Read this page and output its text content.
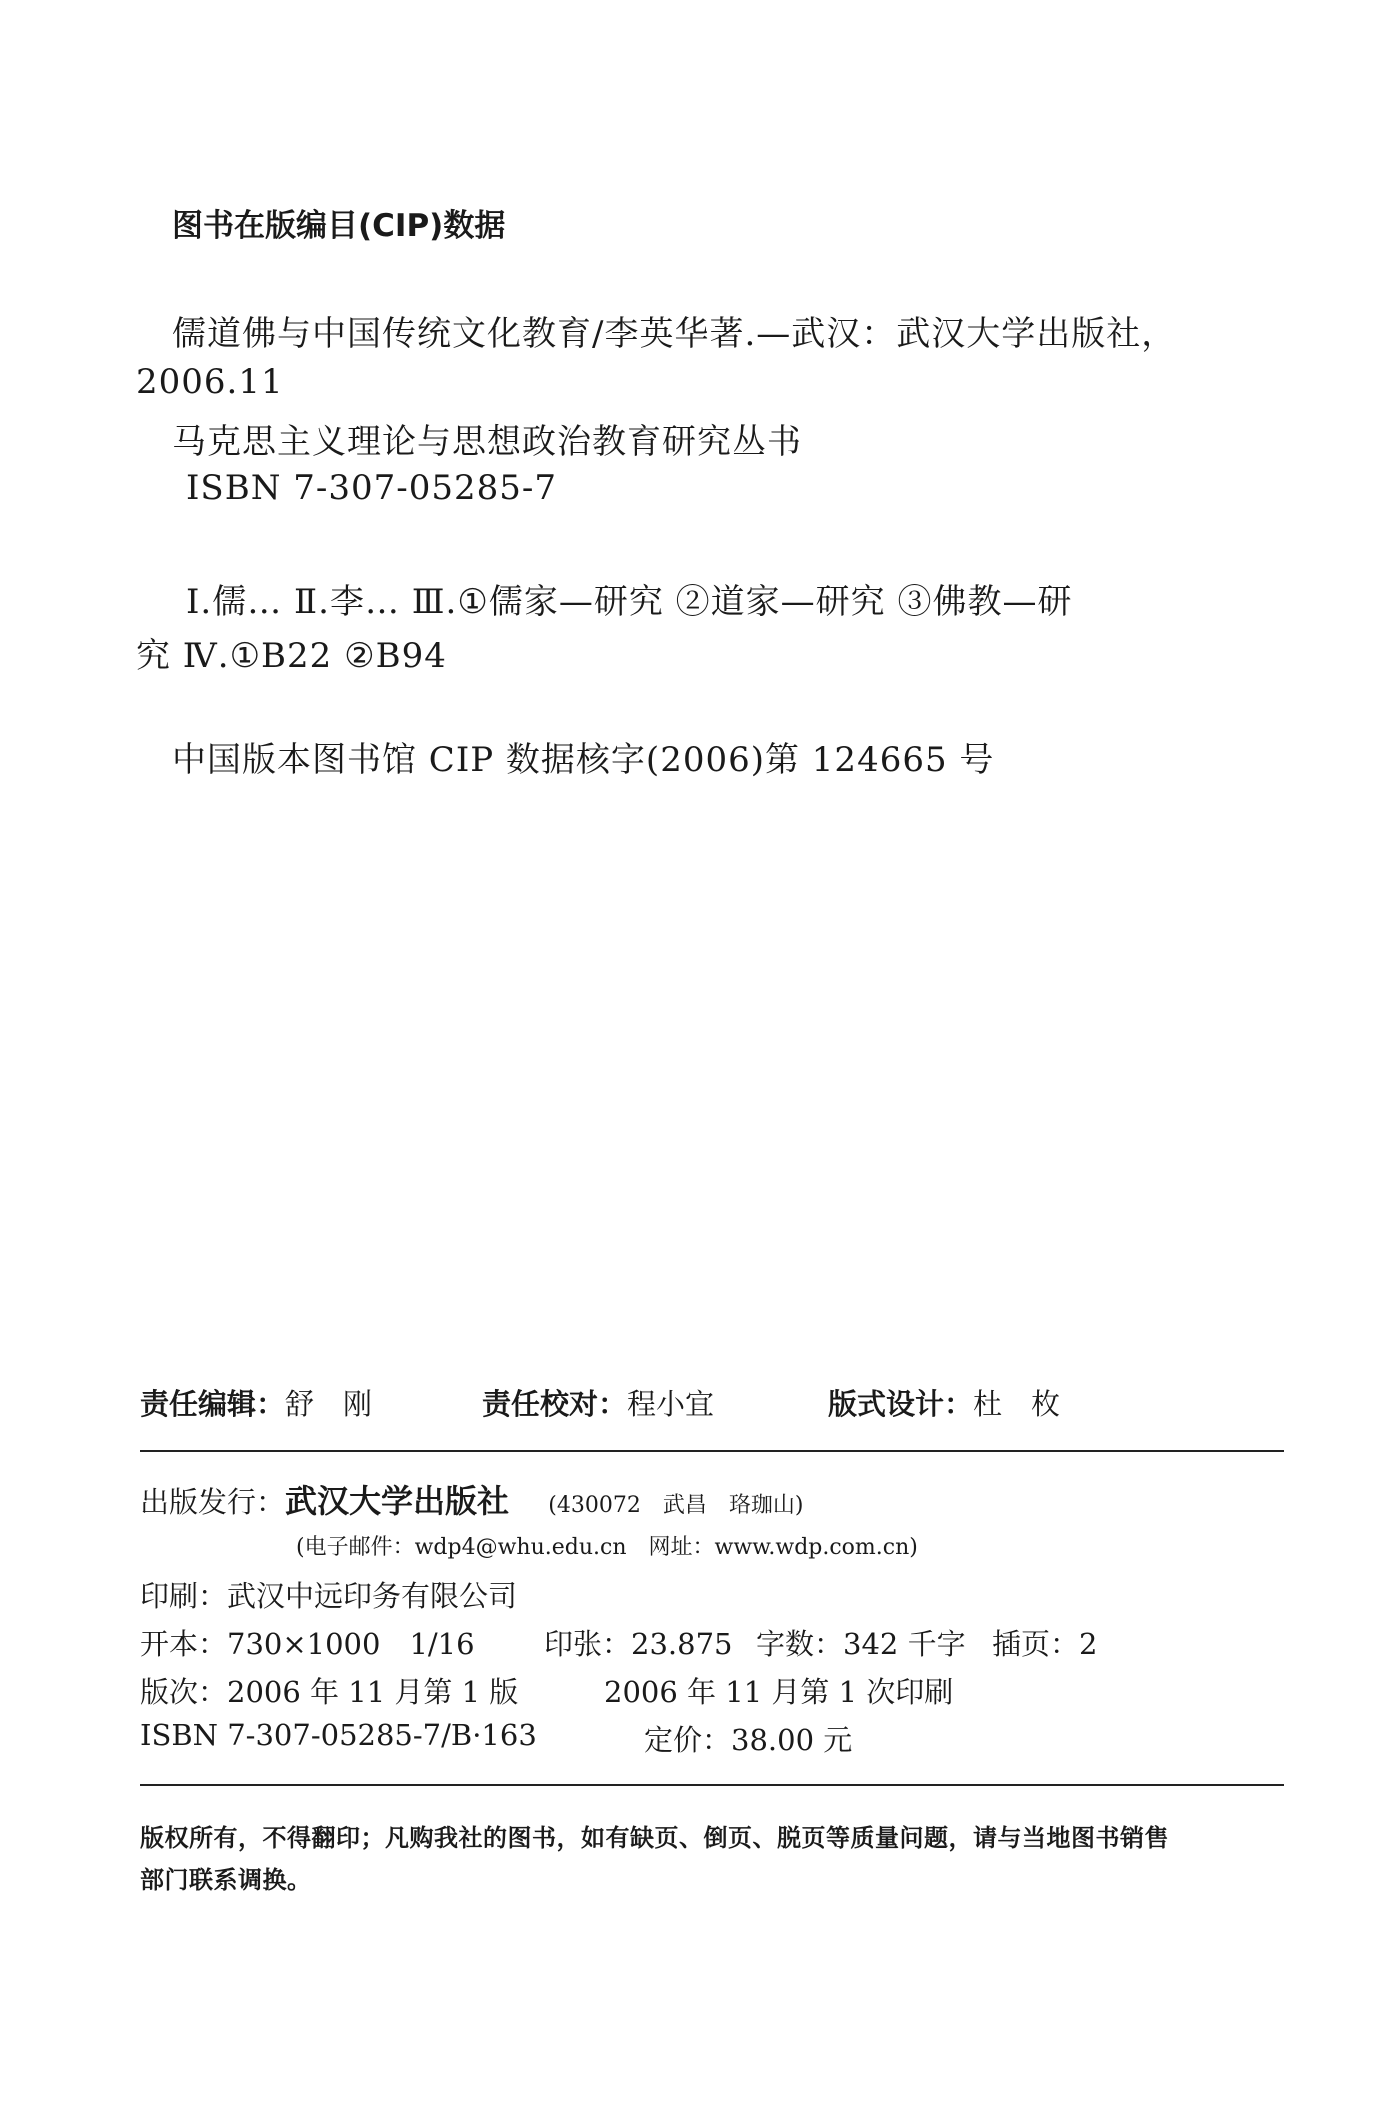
图书在版编目(CIP)数据
儒道佛与中国传统文化教育/李英华著.—武汉：武汉大学出版社，
2006.11
马克思主义理论与思想政治教育研究丛书
ISBN 7-307-05285-7
Ⅰ.儒… Ⅱ.李… Ⅲ.①儒家—研究 ②道家—研究 ③佛教—研
究 Ⅳ.①B22 ②B94
中国版本图书馆 CIP 数据核字(2006)第 124665 号
责任编辑：舒　刚	责任校对：程小宜	版式设计：杜　枚
出版发行：武汉大学出版社 (430072　武昌　珞珈山)
(电子邮件：wdp4@whu.edu.cn　网址：www.wdp.com.cn)
印刷：武汉中远印务有限公司
开本：730×1000　1/16 印张：23.875 字数：342 千字 插页：2
版次：2006 年 11 月第 1 版	2006 年 11 月第 1 次印刷
ISBN 7-307-05285-7/B·163	定价：38.00 元
版权所有，不得翻印；凡购我社的图书，如有缺页、倒页、脱页等质量问题，请与当地图书销售
部门联系调换。
